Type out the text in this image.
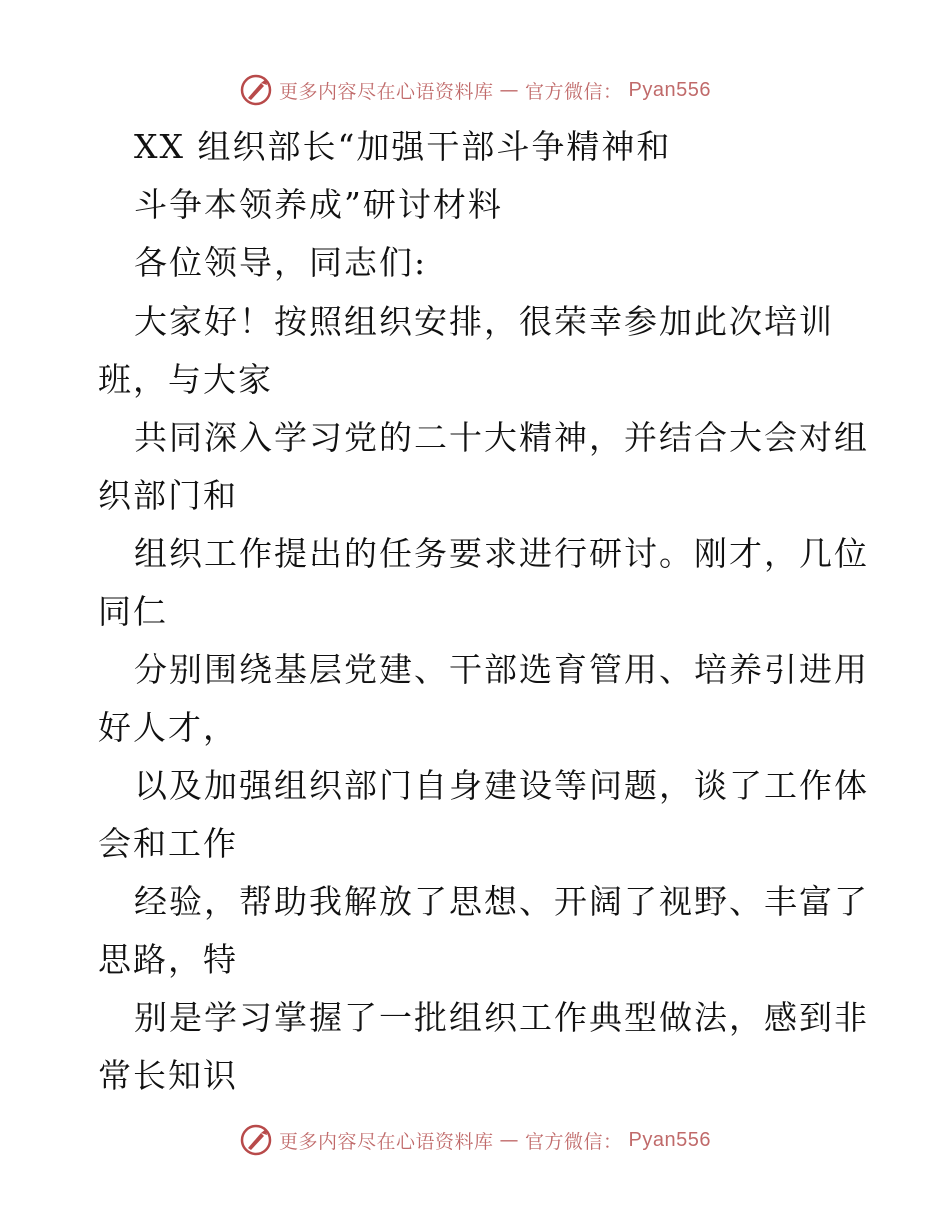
更多内容尽在心语资料库 — 官方微信： Pyan556
XX 组织部长“加强干部斗争精神和
斗争本领养成”研讨材料
各位领导，同志们:
大家好！按照组织安排，很荣幸参加此次培训
班，与大家
共同深入学习党的二十大精神，并结合大会对组
织部门和
组织工作提出的任务要求进行研讨。刚才，几位
同仁
分别围绕基层党建、干部选育管用、培养引进用
好人才，
以及加强组织部门自身建设等问题，谈了工作体
会和工作
经验，帮助我解放了思想、开阔了视野、丰富了
思路，特
别是学习掌握了一批组织工作典型做法，感到非
常长知识
更多内容尽在心语资料库 — 官方微信： Pyan556
